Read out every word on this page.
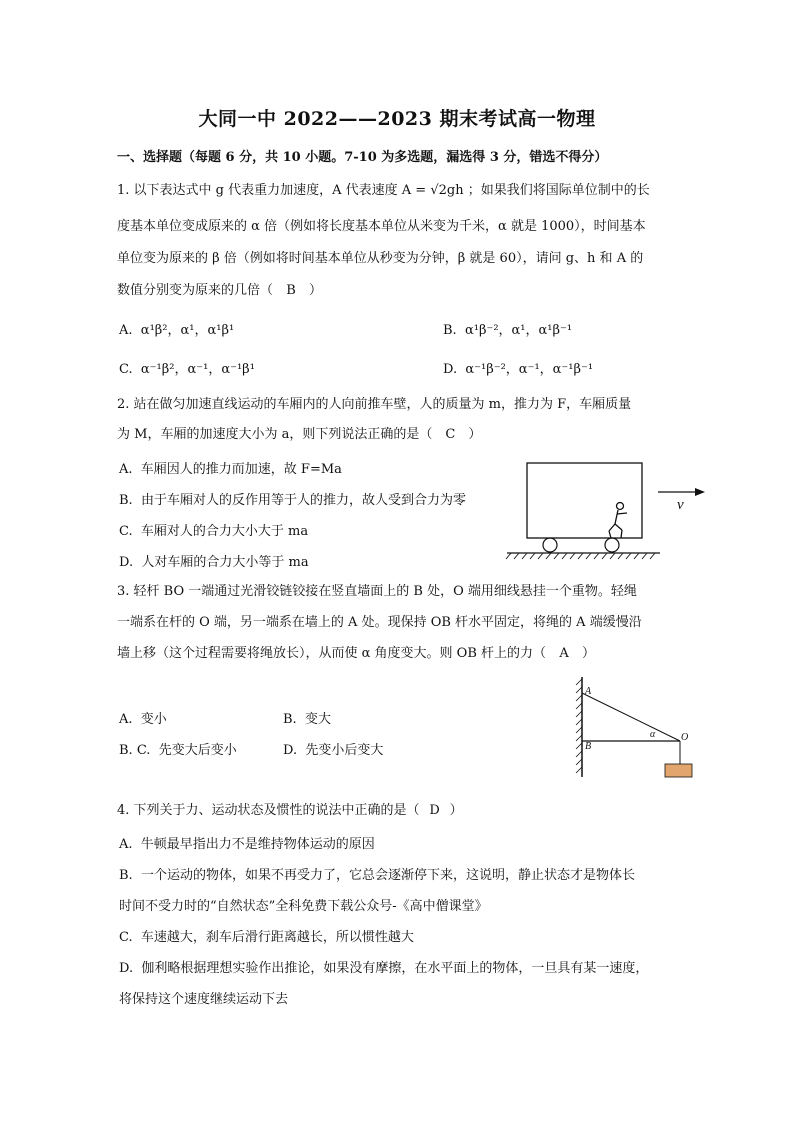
大同一中 2022——2023 期末考试高一物理
一、选择题（每题 6 分，共 10 小题。7-10 为多选题，漏选得 3 分，错选不得分）
1. 以下表达式中 g 代表重力加速度，A 代表速度 A = √2gh ；如果我们将国际单位制中的长
度基本单位变成原来的 α 倍（例如将长度基本单位从米变为千米，α 就是 1000），时间基本
单位变为原来的 β 倍（例如将时间基本单位从秒变为分钟，β 就是 60），请问 g、h 和 A 的
数值分别变为原来的几倍（ B ）
A.  α¹β²，α¹，α¹β¹	B.  α¹β⁻²，α¹，α¹β⁻¹
C.  α⁻¹β²，α⁻¹，α⁻¹β¹	D.  α⁻¹β⁻²，α⁻¹，α⁻¹β⁻¹
2. 站在做匀加速直线运动的车厢内的人向前推车壁，人的质量为 m，推力为 F，车厢质量
为 M，车厢的加速度大小为 a，则下列说法正确的是（ C ）
A.  车厢因人的推力而加速，故 F=Ma
B.  由于车厢对人的反作用等于人的推力，故人受到合力为零
C.  车厢对人的合力大小大于 ma
D.  人对车厢的合力大小等于 ma
v
3. 轻杆 BO 一端通过光滑铰链铰接在竖直墙面上的 B 处，O 端用细线悬挂一个重物。轻绳
一端系在杆的 O 端，另一端系在墙上的 A 处。现保持 OB 杆水平固定，将绳的 A 端缓慢沿
墙上移（这个过程需要将绳放长），从而使 α 角度变大。则 OB 杆上的力（ A ）
A.  变小	B.  变大
B. C.  先变大后变小	D.  先变小后变大
A
B
α	O
4. 下列关于力、运动状态及惯性的说法中正确的是（ D ）
A.  牛顿最早指出力不是维持物体运动的原因
B.  一个运动的物体，如果不再受力了，它总会逐渐停下来，这说明，静止状态才是物体长
时间不受力时的“自然状态”全科免费下载公众号-《高中僧课堂》
C.  车速越大，刹车后滑行距离越长，所以惯性越大
D.  伽利略根据理想实验作出推论，如果没有摩擦，在水平面上的物体，一旦具有某一速度，
将保持这个速度继续运动下去
